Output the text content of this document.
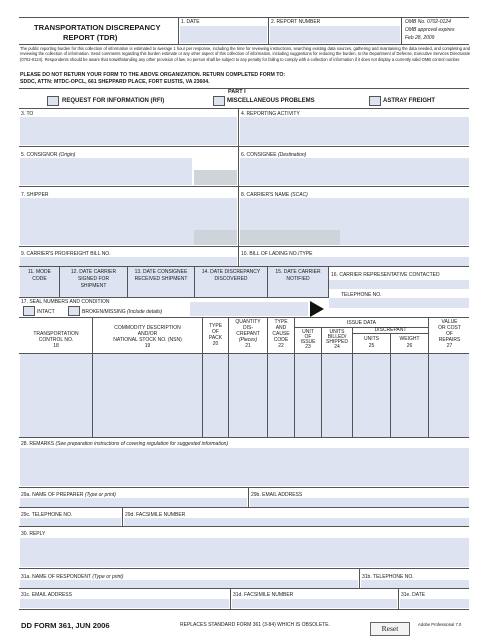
TRANSPORTATION DISCREPANCY
REPORT (TDR)
1. DATE	2. REPORT NUMBER	OMB No. 0702-0124
OMB approval expires
Feb 28, 2009
The public reporting burden for this collection of information is estimated to average 1 hour per response, including the time for reviewing instructions, searching existing data sources, gathering and maintaining the data needed, and completing and reviewing the collection of information. Send comments regarding this burden estimate or any other aspect of this collection of information, including suggestions for reducing the burden, to the Department of Defense, Executive Services Directorate (0702-0124). Respondents should be aware that notwithstanding any other provision of law, no person shall be subject to any penalty for failing to comply with a collection of information if it does not display a currently valid OMB control number.
PLEASE DO NOT RETURN YOUR FORM TO THE ABOVE ORGANIZATION. RETURN COMPLETED FORM TO:
SDDC, ATTN: MTDC-OPCL, 661 SHEPPARD PLACE, FORT EUSTIS, VA 23604.
PART I
REQUEST FOR INFORMATION (RFI)	MISCELLANEOUS PROBLEMS	ASTRAY FREIGHT
3. TO	4. REPORTING ACTIVITY
5. CONSIGNOR (Origin)	6. CONSIGNEE (Destination)
7. SHIPPER	8. CARRIER'S NAME (SCAC)
9. CARRIER'S PRO/FREIGHT BILL NO.	10. BILL OF LADING NO./TYPE
11. MODE
CODE
12. DATE CARRIER
SIGNED FOR
SHIPMENT
13. DATE CONSIGNEE
RECEIVED SHIPMENT
14. DATE DISCREPANCY
DISCOVERED
15. DATE CARRIER
NOTIFIED
16. CARRIER REPRESENTATIVE CONTACTED
TELEPHONE NO.
17. SEAL NUMBERS AND CONDITION
INTACT	BROKEN/MISSING (Include details)
TRANSPORTATION
CONTROL NO.
18
COMMODITY DESCRIPTION
AND/OR
NATIONAL STOCK NO. (NSN)
19
TYPE
OF
PACK
20
QUANTITY
DIS-
CREPANT
(Pieces)
21
TYPE
AND
CAUSE
CODE
22
ISSUE DATA
UNIT
OF
ISSUE
23
UNITS
BILLED/
SHIPPED
24
DISCREPANT
UNITS
25
WEIGHT
26
VALUE
OR COST
OF
REPAIRS
27
28. REMARKS (See preparation instructions of covering regulation for suggested information)
29a. NAME OF PREPARER (Type or print)	29b. EMAIL ADDRESS
29c. TELEPHONE NO.	29d. FACSIMILE NUMBER
30. REPLY
31a. NAME OF RESPONDENT (Type or print)	31b. TELEPHONE NO.
31c. EMAIL ADDRESS	31d. FACSIMILE NUMBER	31e. DATE
DD FORM 361, JUN 2006	REPLACES STANDARD FORM 361 (3-84) WHICH IS OBSOLETE.	Reset	Adobe Professional 7.0
